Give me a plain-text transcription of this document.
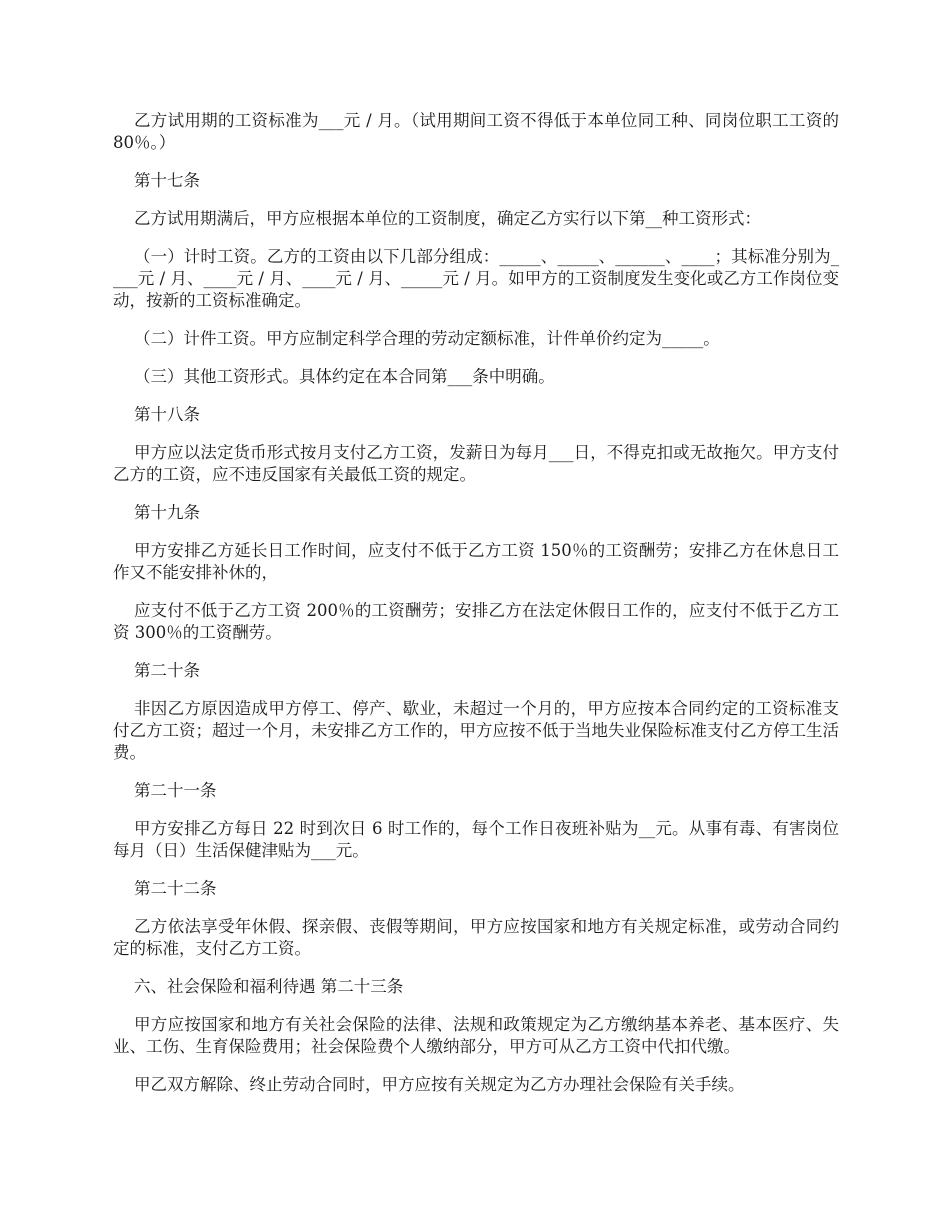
乙方试用期的工资标准为___元 / 月。（试用期间工资不得低于本单位同工种、同岗位职工工资的 80％。）

第十七条

乙方试用期满后，甲方应根据本单位的工资制度，确定乙方实行以下第__种工资形式：

（一）计时工资。乙方的工资由以下几部分组成：_____、_____、______、____；其标准分别为____元 / 月、____元 / 月、____元 / 月、_____元 / 月。如甲方的工资制度发生变化或乙方工作岗位变动，按新的工资标准确定。

（二）计件工资。甲方应制定科学合理的劳动定额标准，计件单价约定为_____。

（三）其他工资形式。具体约定在本合同第___条中明确。

第十八条

甲方应以法定货币形式按月支付乙方工资，发薪日为每月___日，不得克扣或无故拖欠。甲方支付乙方的工资，应不违反国家有关最低工资的规定。

第十九条

甲方安排乙方延长日工作时间，应支付不低于乙方工资 150％的工资酬劳；安排乙方在休息日工作又不能安排补休的，

应支付不低于乙方工资 200％的工资酬劳；安排乙方在法定休假日工作的，应支付不低于乙方工资 300％的工资酬劳。

第二十条

非因乙方原因造成甲方停工、停产、歇业，未超过一个月的，甲方应按本合同约定的工资标准支付乙方工资；超过一个月，未安排乙方工作的，甲方应按不低于当地失业保险标准支付乙方停工生活费。

第二十一条

甲方安排乙方每日 22 时到次日 6 时工作的，每个工作日夜班补贴为__元。从事有毒、有害岗位每月（日）生活保健津贴为___元。

第二十二条

乙方依法享受年休假、探亲假、丧假等期间，甲方应按国家和地方有关规定标准，或劳动合同约定的标准，支付乙方工资。

六、社会保险和福利待遇 第二十三条

甲方应按国家和地方有关社会保险的法律、法规和政策规定为乙方缴纳基本养老、基本医疗、失业、工伤、生育保险费用；社会保险费个人缴纳部分，甲方可从乙方工资中代扣代缴。

甲乙双方解除、终止劳动合同时，甲方应按有关规定为乙方办理社会保险有关手续。
